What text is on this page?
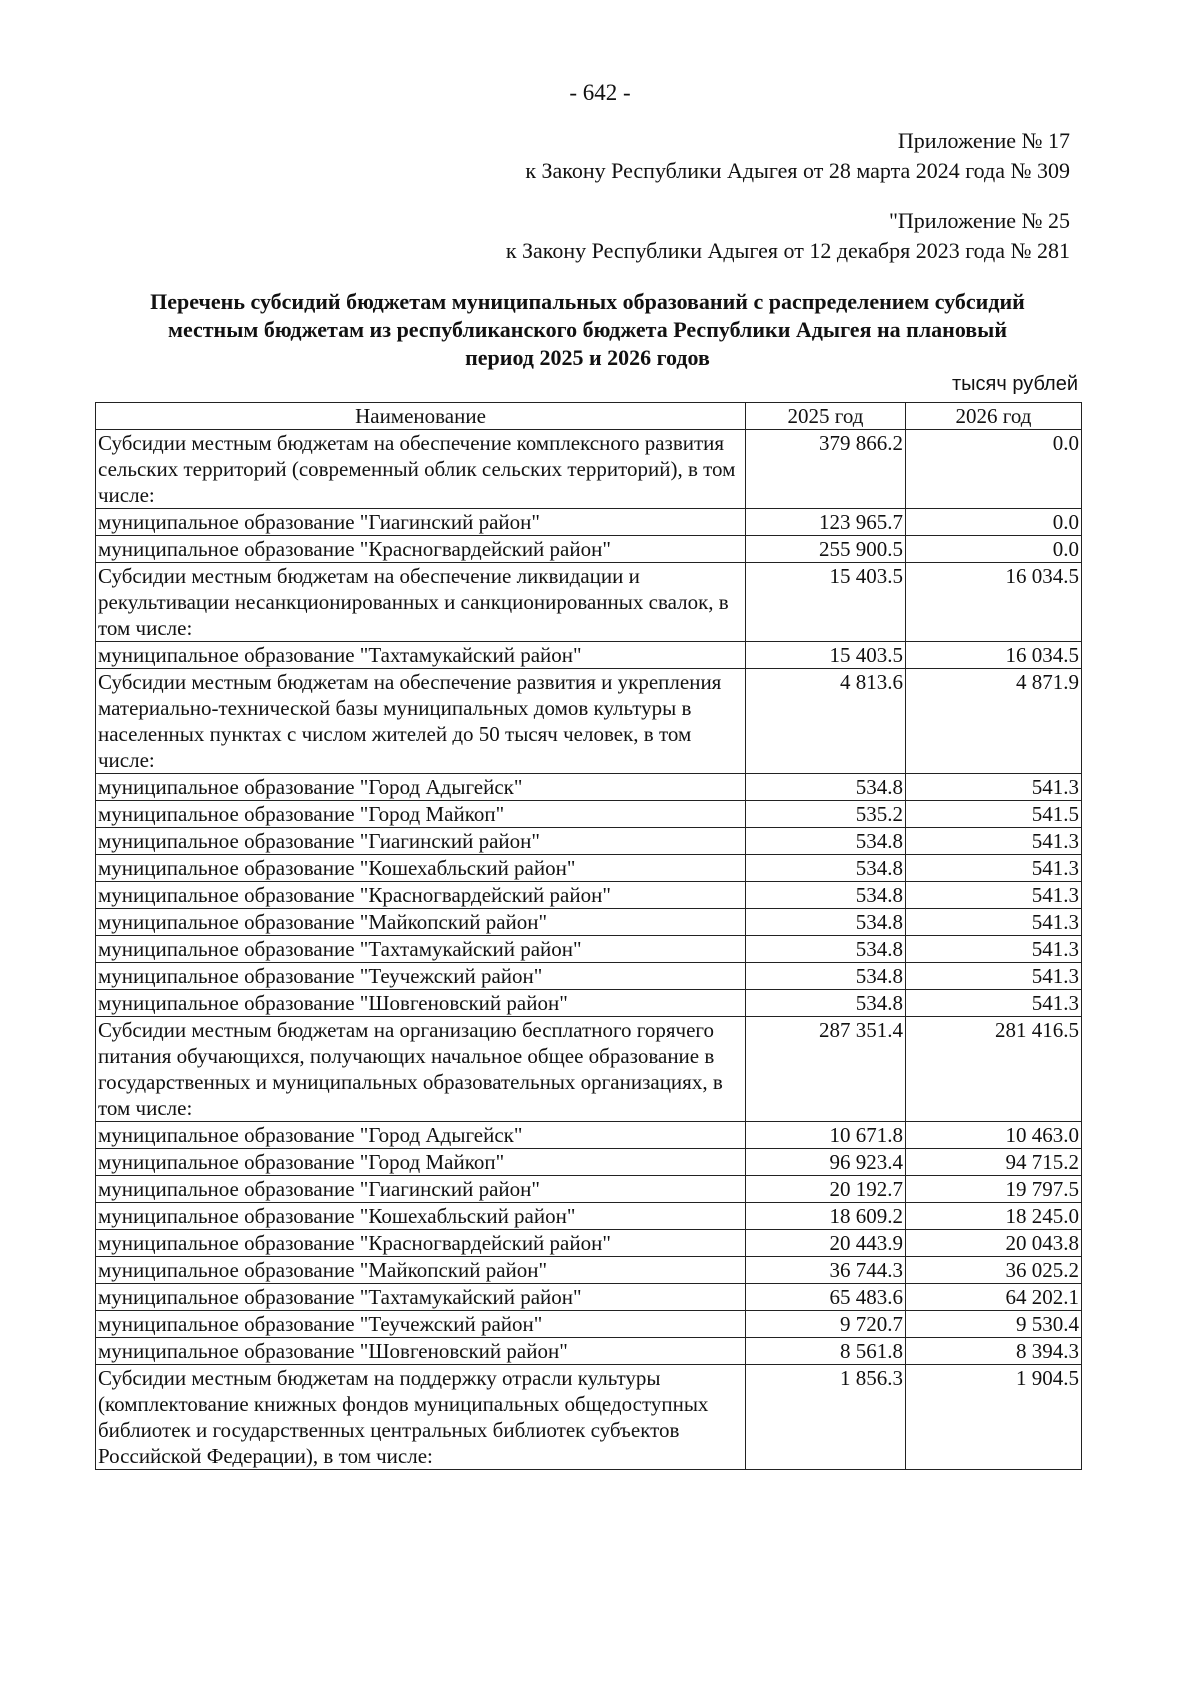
- 642 -
Приложение № 17
к Закону Республики Адыгея от 28 марта 2024 года № 309
"Приложение № 25
к Закону Республики Адыгея от 12 декабря 2023 года № 281
Перечень субсидий бюджетам муниципальных образований с распределением субсидий
местным бюджетам из республиканского бюджета Республики Адыгея на плановый
период 2025 и 2026 годов
тысяч рублей
Наименование	2025 год	2026 год
Субсидии местным бюджетам на обеспечение комплексного развития сельских территорий (современный облик сельских территорий), в том числе:	379 866.2	0.0
муниципальное образование "Гиагинский район"	123 965.7	0.0
муниципальное образование "Красногвардейский район"	255 900.5	0.0
Субсидии местным бюджетам на обеспечение ликвидации и рекультивации несанкционированных и санкционированных свалок, в том числе:	15 403.5	16 034.5
муниципальное образование "Тахтамукайский район"	15 403.5	16 034.5
Субсидии местным бюджетам на обеспечение развития и укрепления материально-технической базы муниципальных домов культуры в населенных пунктах с числом жителей до 50 тысяч человек, в том числе:	4 813.6	4 871.9
муниципальное образование "Город Адыгейск"	534.8	541.3
муниципальное образование "Город Майкоп"	535.2	541.5
муниципальное образование "Гиагинский район"	534.8	541.3
муниципальное образование "Кошехабльский район"	534.8	541.3
муниципальное образование "Красногвардейский район"	534.8	541.3
муниципальное образование "Майкопский район"	534.8	541.3
муниципальное образование "Тахтамукайский район"	534.8	541.3
муниципальное образование "Теучежский район"	534.8	541.3
муниципальное образование "Шовгеновский район"	534.8	541.3
Субсидии местным бюджетам на организацию бесплатного горячего питания обучающихся, получающих начальное общее образование в государственных и муниципальных образовательных организациях, в том числе:	287 351.4	281 416.5
муниципальное образование "Город Адыгейск"	10 671.8	10 463.0
муниципальное образование "Город Майкоп"	96 923.4	94 715.2
муниципальное образование "Гиагинский район"	20 192.7	19 797.5
муниципальное образование "Кошехабльский район"	18 609.2	18 245.0
муниципальное образование "Красногвардейский район"	20 443.9	20 043.8
муниципальное образование "Майкопский район"	36 744.3	36 025.2
муниципальное образование "Тахтамукайский район"	65 483.6	64 202.1
муниципальное образование "Теучежский район"	9 720.7	9 530.4
муниципальное образование "Шовгеновский район"	8 561.8	8 394.3
Субсидии местным бюджетам на поддержку отрасли культуры (комплектование книжных фондов муниципальных общедоступных библиотек и государственных центральных библиотек субъектов Российской Федерации), в том числе:	1 856.3	1 904.5
